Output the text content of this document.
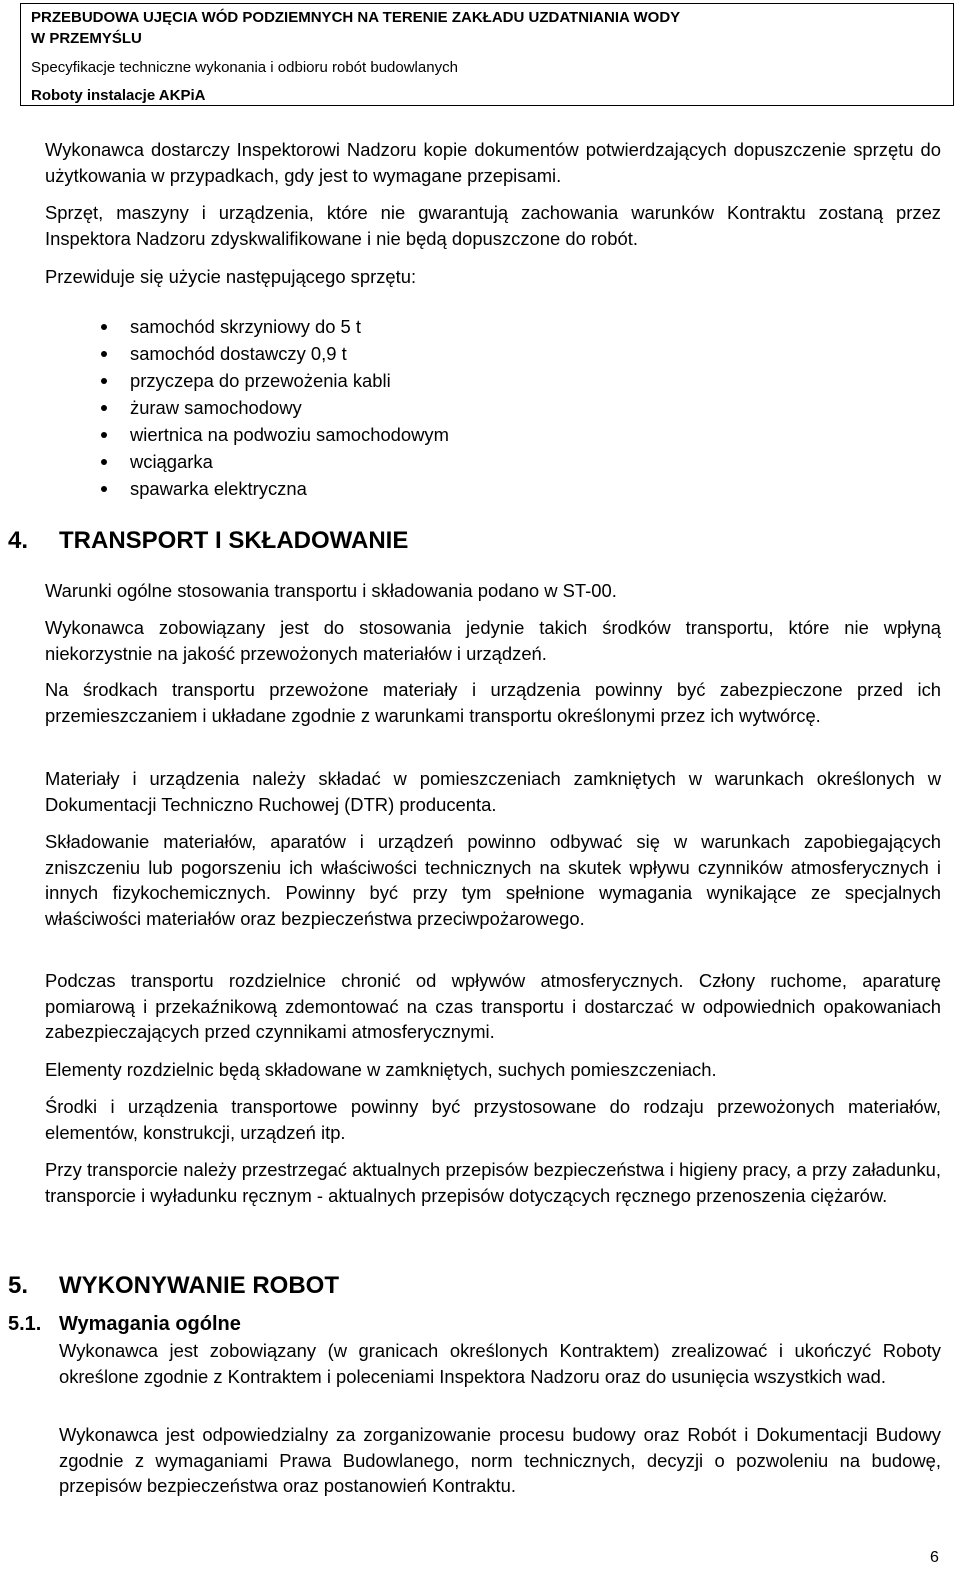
PRZEBUDOWA UJĘCIA WÓD PODZIEMNYCH NA TERENIE ZAKŁADU UZDATNIANIA WODY
W PRZEMYŚLU
Specyfikacje techniczne wykonania i odbioru robót budowlanych
Roboty instalacje AKPiA
Wykonawca dostarczy Inspektorowi Nadzoru kopie dokumentów potwierdzających dopuszczenie sprzętu do użytkowania w przypadkach, gdy jest to wymagane przepisami.
Sprzęt, maszyny i urządzenia, które nie gwarantują zachowania warunków Kontraktu zostaną przez Inspektora Nadzoru zdyskwalifikowane i nie będą dopuszczone do robót.
Przewiduje się użycie następującego sprzętu:
samochód skrzyniowy do 5 t
samochód dostawczy 0,9 t
przyczepa do przewożenia kabli
żuraw samochodowy
wiertnica na podwoziu samochodowym
wciągarka
spawarka elektryczna
4. TRANSPORT I SKŁADOWANIE
Warunki ogólne stosowania transportu i składowania podano w ST-00.
Wykonawca zobowiązany jest do stosowania jedynie takich środków transportu, które nie wpłyną niekorzystnie na jakość przewożonych materiałów i urządzeń.
Na środkach transportu przewożone materiały i urządzenia powinny być zabezpieczone przed ich przemieszczaniem i układane zgodnie z warunkami transportu określonymi przez ich wytwórcę.
Materiały i urządzenia należy składać w pomieszczeniach zamkniętych w warunkach określonych w Dokumentacji Techniczno Ruchowej (DTR) producenta.
Składowanie materiałów, aparatów i urządzeń powinno odbywać się w warunkach zapobiegających zniszczeniu lub pogorszeniu ich właściwości technicznych na skutek wpływu czynników atmosferycznych i innych fizykochemicznych. Powinny być przy tym spełnione wymagania wynikające ze specjalnych właściwości materiałów oraz bezpieczeństwa przeciwpożarowego.
Podczas transportu rozdzielnice chronić od wpływów atmosferycznych. Człony ruchome, aparaturę pomiarową i przekaźnikową zdemontować na czas transportu i dostarczać w odpowiednich opakowaniach zabezpieczających przed czynnikami atmosferycznymi.
Elementy rozdzielnic będą składowane w zamkniętych, suchych pomieszczeniach.
Środki i urządzenia transportowe powinny być przystosowane do rodzaju przewożonych materiałów, elementów, konstrukcji, urządzeń itp.
Przy transporcie należy przestrzegać aktualnych przepisów bezpieczeństwa i higieny pracy, a przy załadunku, transporcie i wyładunku ręcznym - aktualnych przepisów dotyczących ręcznego przenoszenia ciężarów.
5. WYKONYWANIE ROBOT
5.1. Wymagania ogólne
Wykonawca jest zobowiązany (w granicach określonych Kontraktem) zrealizować i ukończyć Roboty określone zgodnie z Kontraktem i poleceniami Inspektora Nadzoru oraz do usunięcia wszystkich wad.
Wykonawca jest odpowiedzialny za zorganizowanie procesu budowy oraz Robót i Dokumentacji Budowy zgodnie z wymaganiami Prawa Budowlanego, norm technicznych, decyzji o pozwoleniu na budowę, przepisów bezpieczeństwa oraz postanowień Kontraktu.
6
